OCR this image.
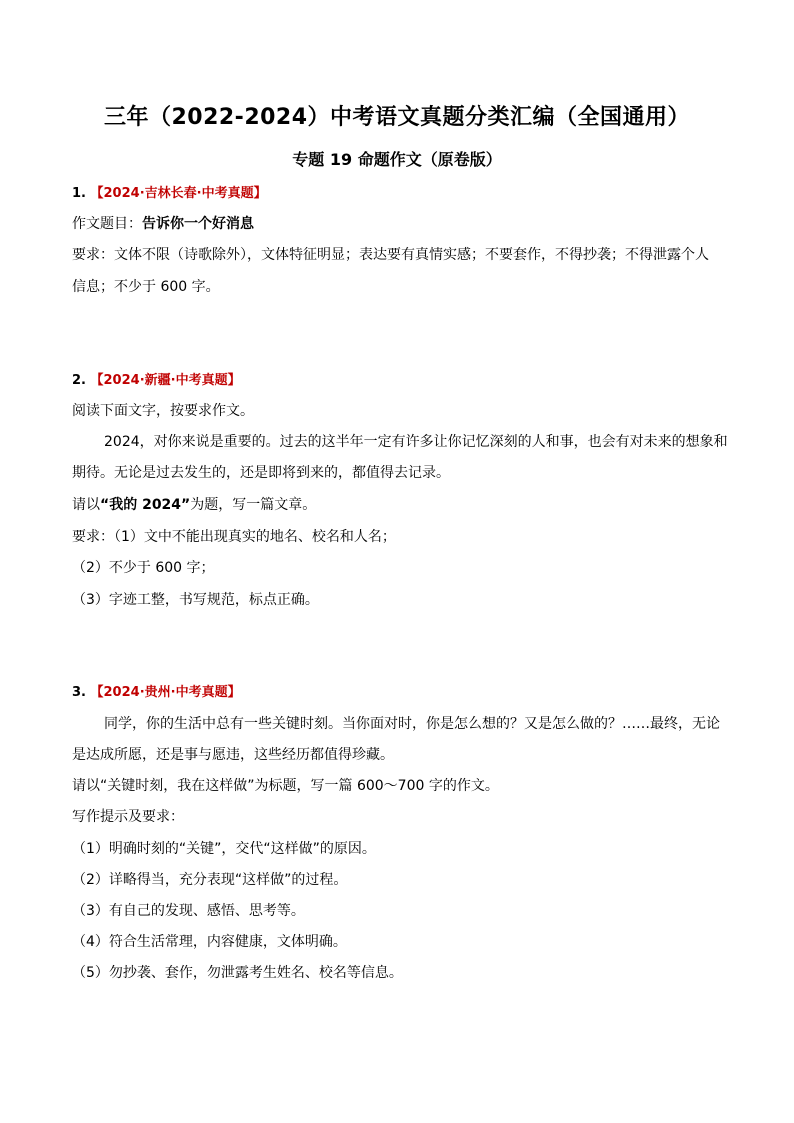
三年（2022-2024）中考语文真题分类汇编（全国通用）
专题 19 命题作文（原卷版）
1. 【2024·吉林长春·中考真题】
作文题目：告诉你一个好消息
要求：文体不限（诗歌除外），文体特征明显；表达要有真情实感；不要套作，不得抄袭；不得泄露个人
信息；不少于 600 字。
2. 【2024·新疆·中考真题】
阅读下面文字，按要求作文。
2024，对你来说是重要的。过去的这半年一定有许多让你记忆深刻的人和事，也会有对未来的想象和
期待。无论是过去发生的，还是即将到来的，都值得去记录。
请以“我的 2024”为题，写一篇文章。
要求：（1）文中不能出现真实的地名、校名和人名；
（2）不少于 600 字；
（3）字迹工整，书写规范，标点正确。
3. 【2024·贵州·中考真题】
同学，你的生活中总有一些关键时刻。当你面对时，你是怎么想的？又是怎么做的？……最终，无论
是达成所愿，还是事与愿违，这些经历都值得珍藏。
请以“关键时刻，我在这样做”为标题，写一篇 600～700 字的作文。
写作提示及要求：
（1）明确时刻的“关键”，交代“这样做”的原因。
（2）详略得当，充分表现“这样做”的过程。
（3）有自己的发现、感悟、思考等。
（4）符合生活常理，内容健康，文体明确。
（5）勿抄袭、套作，勿泄露考生姓名、校名等信息。
